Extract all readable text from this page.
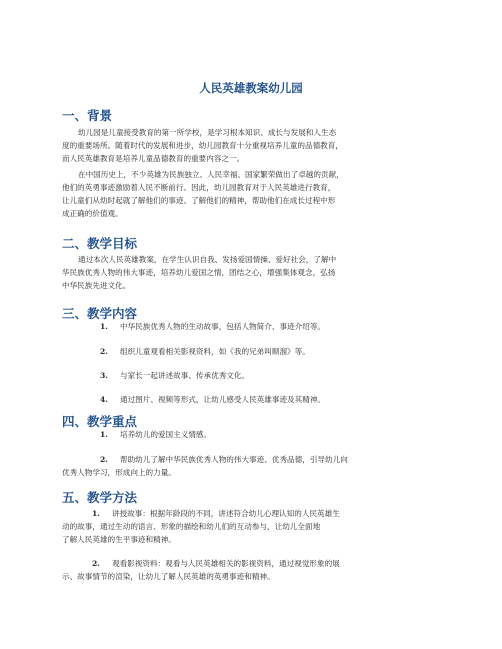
人民英雄教案幼儿园
一、背景

幼儿园是儿童接受教育的第一所学校，是学习根本知识、成长与发展和人生态
度的重要场所。随着时代的发展和进步，幼儿园教育十分重视培养儿童的品德教育，
而人民英雄教育是培养儿童品德教育的重要内容之一。

在中国历史上，不少英雄为民族独立、人民幸福、国家繁荣做出了卓越的贡献，
他们的英勇事迹激励着人民不断前行。因此，幼儿园教育对于人民英雄进行教育，
让儿童们从幼时起就了解他们的事迹、了解他们的精神，帮助他们在成长过程中形
成正确的价值观。

二、教学目标

通过本次人民英雄教案，在学生认识自我、发扬爱国情操、爱好社会，了解中
华民族优秀人物的伟大事迹，培养幼儿爱国之情，团结之心，增强集体观念，弘扬
中华民族先进文化。

三、教学内容
1. 中华民族优秀人物的生动故事，包括人物简介、事迹介绍等。
2. 组织儿童观看相关影视资料，如《我的兄弟叫顺溜》等。
3. 与家长一起讲述故事、传承优秀文化。
4. 通过图片、视频等形式，让幼儿感受人民英雄事迹及其精神。
四、教学重点
1. 培养幼儿的爱国主义情感。
2. 帮助幼儿了解中华民族优秀人物的伟大事迹、优秀品德，引导幼儿向
优秀人物学习，形成向上的力量。
五、教学方法
1. 讲授故事：根据年龄段的不同，讲述符合幼儿心理认知的人民英雄生
动的故事，通过生动的语言、形象的描绘和幼儿们的互动参与，让幼儿全面地
了解人民英雄的生平事迹和精神。
2. 观看影视资料：观看与人民英雄相关的影视资料，通过视觉形象的展
示、故事情节的渲染，让幼儿了解人民英雄的英勇事迹和精神。
